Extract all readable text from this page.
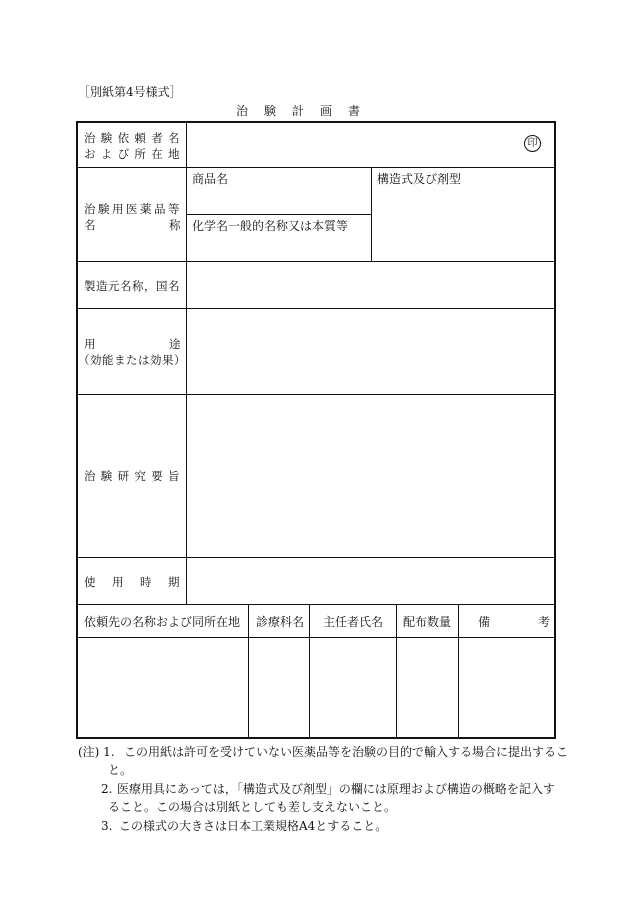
［別紙第4号様式］
治　験　計　画　書
治験依頼者名
および所在地
印
治験用医薬品等
名	称
商品名
化学名一般的名称又は本質等
構造式及び剤型
製造元名称，国名
用	途
（効能または効果）
治験研究要旨
使用時期
依頼先の名称および同所在地 診療科名 主任者氏名 配布数量 備　　考
(注) 1. この用紙は許可を受けていない医薬品等を治験の目的で輸入する場合に提出するこ
と。
2. 医療用具にあっては，「構造式及び剤型」の欄には原理および構造の概略を記入す
ること。この場合は別紙としても差し支えないこと。
3. この様式の大きさは日本工業規格A4とすること。
